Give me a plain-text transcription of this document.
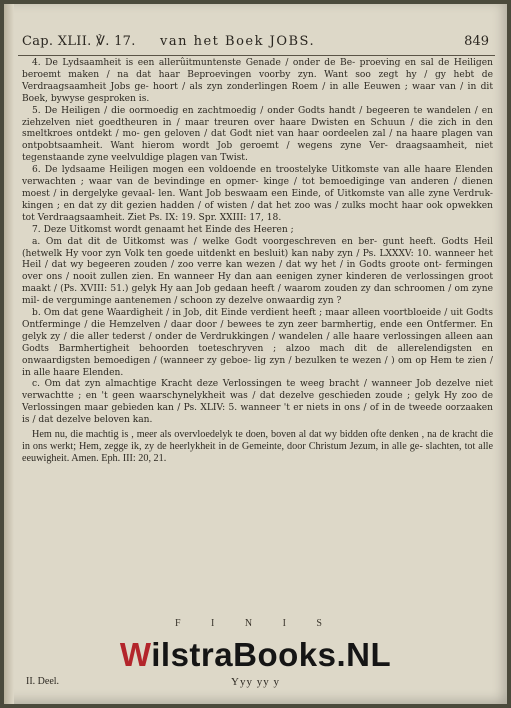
Cap. XLII. ℣. 17. van het Boek JOBS.	849

4. De Lydsaamheit is een allerûitmuntenste Genade / onder de Be- proeving en sal de Heiligen beroemt maken / na dat haar Beproevingen voorby zyn. Want soo zegt hy / gy hebt de Verdraagsaamheit Jobs ge- hoort / als zyn zonderlingen Roem / in alle Eeuwen ; waar van / in dit Boek, bywyse gesproken is.

5. De Heiligen / die oormoedig en zachtmoedig / onder Godts handt / begeeren te wandelen / en ziehzelven niet goedtheuren in / maar treuren over haare Dwisten en Schuun / die zich in den smeltkroes ontdekt / mo- gen geloven / dat Godt niet van haar oordeelen zal / na haare plagen van ontpobtsaamheit. Want hierom wordt Job geroemt / wegens zyne Ver- draagsaamheit, niet tegenstaande zyne veelvuldige plagen van Twist.

6. De lydsaame Heiligen mogen een voldoende en troostelyke Uitkomste van alle haare Elenden verwachten ; waar van de bevindinge en opmer- kinge / tot bemoediginge van anderen / dienen moest / in dergelyke gevaal- len. Want Job beswaam een Einde, of Uitkomste van alle zyne Verdruk- kingen ; en dat zy dit gezien hadden / of wisten / dat het zoo was / zulks mocht haar ook opwekken tot Verdraagsaamheit. Ziet Ps. IX: 19. Spr. XXIII: 17, 18.

7. Deze Uitkomst wordt genaamt het Einde des Heeren ;

a. Om dat dit de Uitkomst was / welke Godt voorgeschreven en ber- gunt heeft. Godts Heil (hetwelk Hy voor zyn Volk ten goede uitdenkt en besluit) kan naby zyn / Ps. LXXXV: 10. wanneer het Heil / dat wy begeeren zouden / zoo verre kan wezen / dat wy het / in Godts groote ont- fermingen over ons / nooit zullen zien. En wanneer Hy dan aan eenigen zyner kinderen de verlossingen groot maakt / (Ps. XVIII: 51.) gelyk Hy aan Job gedaan heeft / waarom zouden zy dan schroomen / om zyne mil- de verguminge aantenemen / schoon zy dezelve onwaardig zyn ?

b. Om dat gene Waardigheit / in Job, dit Einde verdient heeft ; maar alleen voortbloeide / uit Godts Ontferminge / die Hemzelven / daar door / bewees te zyn zeer barmhertig, ende een Ontfermer. En gelyk zy / die aller tederst / onder de Verdrukkingen / wandelen / alle haare verlossingen alleen aan Godts Barmhertigheit behoorden toeteschryven ; alzoo mach dit de allerelendigsten en onwaardigsten bemoedigen / (wanneer zy geboe- lig zyn / bezulken te wezen / ) om op Hem te zien / in alle haare Elenden.

c. Om dat zyn almachtige Kracht deze Verlossingen te weeg bracht / wanneer Job dezelve niet verwachtte ; en 't geen waarschynelykheit was / dat dezelve geschieden zoude ; gelyk Hy zoo de Verlossingen maar gebieden kan / Ps. XLIV: 5. wanneer 't er niets in ons / of in de tweede oorzaaken is / dat dezelve beloven kan.

Hem nu, die machtig is , meer als overvloedelyk te doen, boven al dat wy bidden ofte denken , na de kracht die in ons werkt; Hem, zegge ik, zy de heerlykheit in de Gemeinte, door Christum Jezum, in alle ge- slachten, tot alle eeuwigheit. Amen. Eph. III: 20, 21.

F I N I S
WilstraBooks.NL
II. Deel.	Yyy yy y
